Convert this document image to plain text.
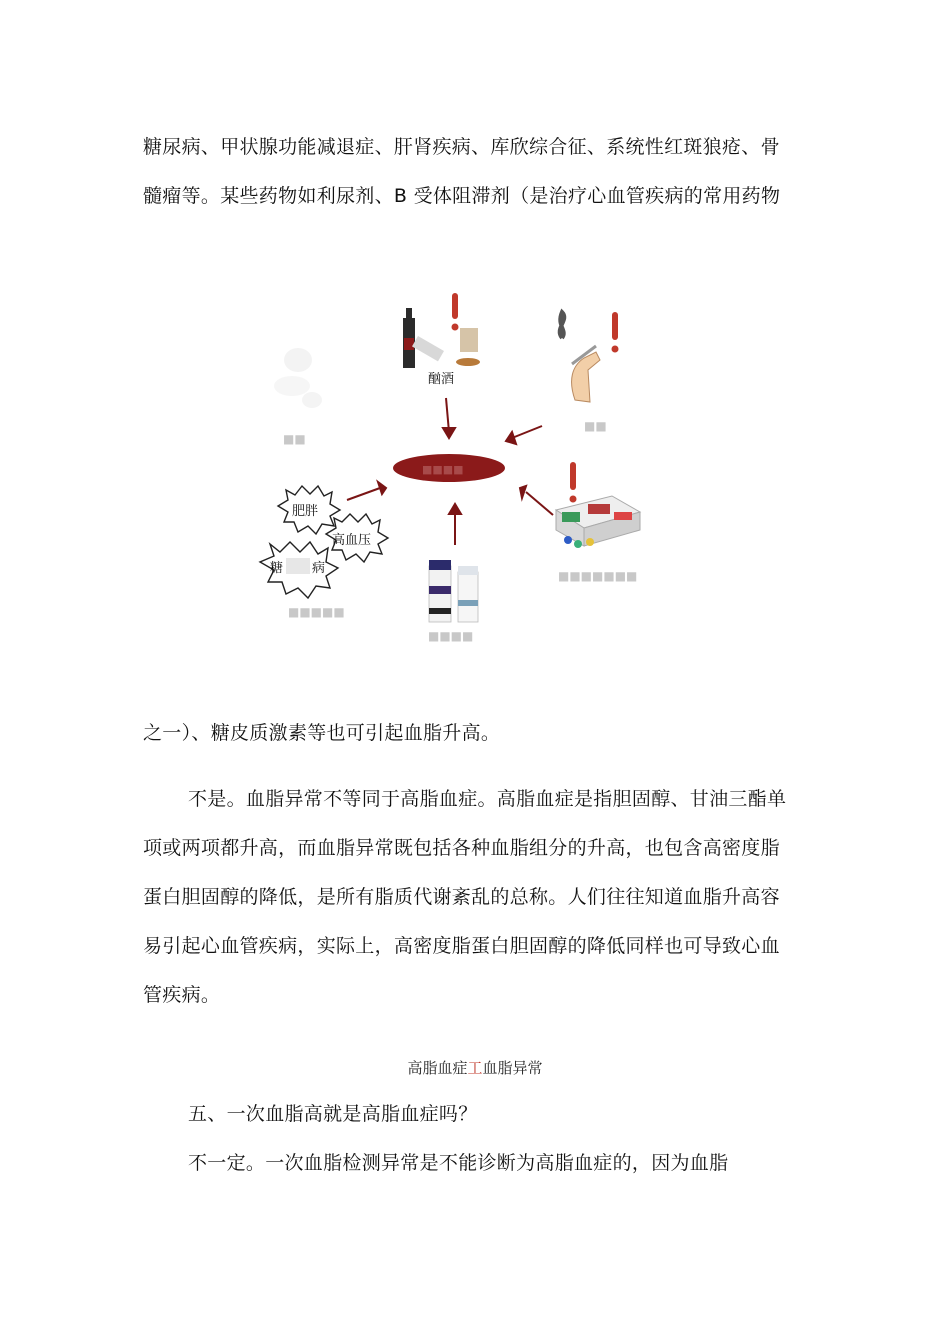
糖尿病、甲状腺功能减退症、肝肾疾病、库欣综合征、系统性红斑狼疮、骨
髓瘤等。某些药物如利尿剂、B 受体阻滞剂（是治疗心血管疾病的常用药物
■■■■
酗酒
■■
■■
肥胖
高血压
糖 病
■■■■■
■■■■
■■■■■■■
之一）、糖皮质激素等也可引起血脂升高。
不是。血脂异常不等同于高脂血症。高脂血症是指胆固醇、甘油三酯单
项或两项都升高，而血脂异常既包括各种血脂组分的升高，也包含高密度脂
蛋白胆固醇的降低，是所有脂质代谢紊乱的总称。人们往往知道血脂升高容
易引起心血管疾病，实际上，高密度脂蛋白胆固醇的降低同样也可导致心血
管疾病。
高脂血症工血脂异常
五、一次血脂高就是高脂血症吗？
不一定。一次血脂检测异常是不能诊断为高脂血症的，因为血脂
